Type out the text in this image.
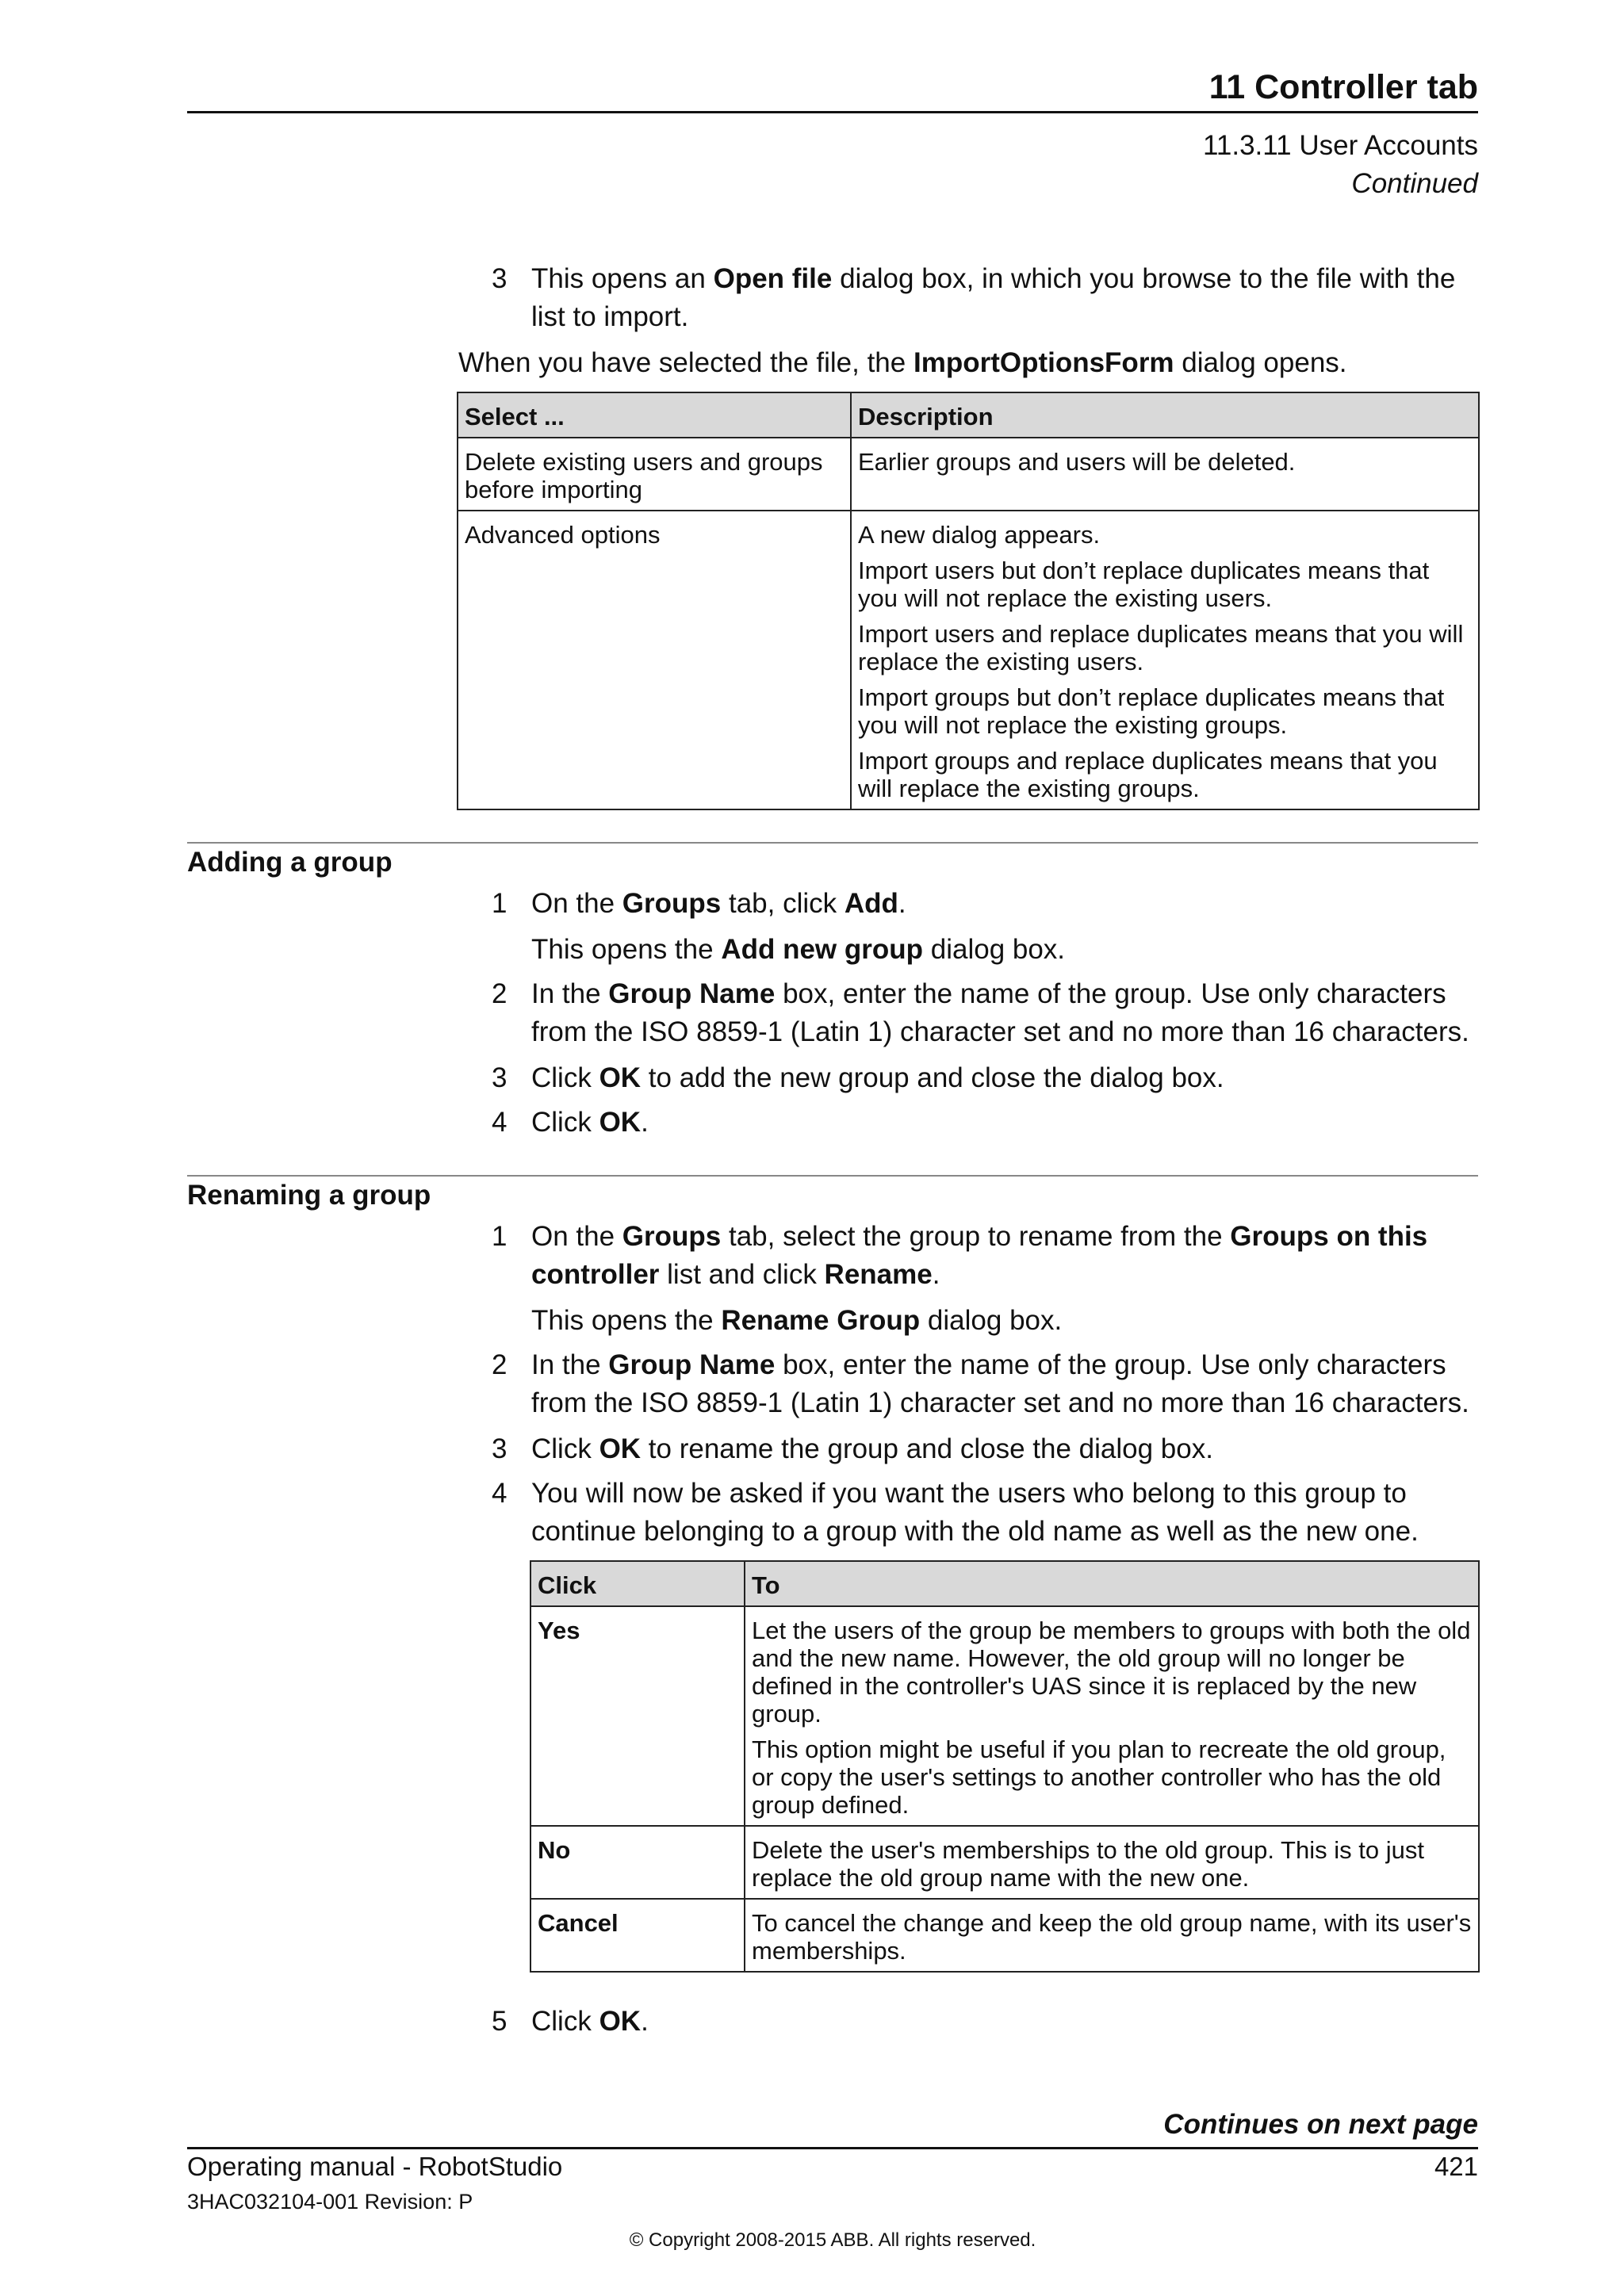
11 Controller tab
11.3.11 User Accounts
Continued
3 This opens an Open file dialog box, in which you browse to the file with the list to import.
When you have selected the file, the ImportOptionsForm dialog opens.
Select ...	Description
Delete existing users and groups before importing	Earlier groups and users will be deleted.

Advanced options	A new dialog appears.

Import users but don’t replace duplicates means that you will not replace the existing users.

Import users and replace duplicates means that you will replace the existing users.

Import groups but don’t replace duplicates means that you will not replace the existing groups.

Import groups and replace duplicates means that you will replace the existing groups.

Adding a group
1 On the Groups tab, click Add.
This opens the Add new group dialog box.
2 In the Group Name box, enter the name of the group. Use only characters from the ISO 8859-1 (Latin 1) character set and no more than 16 characters.
3 Click OK to add the new group and close the dialog box.
4 Click OK.
Renaming a group
1 On the Groups tab, select the group to rename from the Groups on this controller list and click Rename.
This opens the Rename Group dialog box.
2 In the Group Name box, enter the name of the group. Use only characters from the ISO 8859-1 (Latin 1) character set and no more than 16 characters.
3 Click OK to rename the group and close the dialog box.
4 You will now be asked if you want the users who belong to this group to continue belonging to a group with the old name as well as the new one.
Click	To
Yes	Let the users of the group be members to groups with both the old and the new name. However, the old group will no longer be defined in the controller's UAS since it is replaced by the new group.

This option might be useful if you plan to recreate the old group, or copy the user's settings to another controller who has the old group defined.

No	Delete the user's memberships to the old group. This is to just replace the old group name with the new one.

Cancel	To cancel the change and keep the old group name, with its user's memberships.

5 Click OK.
Continues on next page
Operating manual - RobotStudio	421
3HAC032104-001 Revision: P
© Copyright 2008-2015 ABB. All rights reserved.
